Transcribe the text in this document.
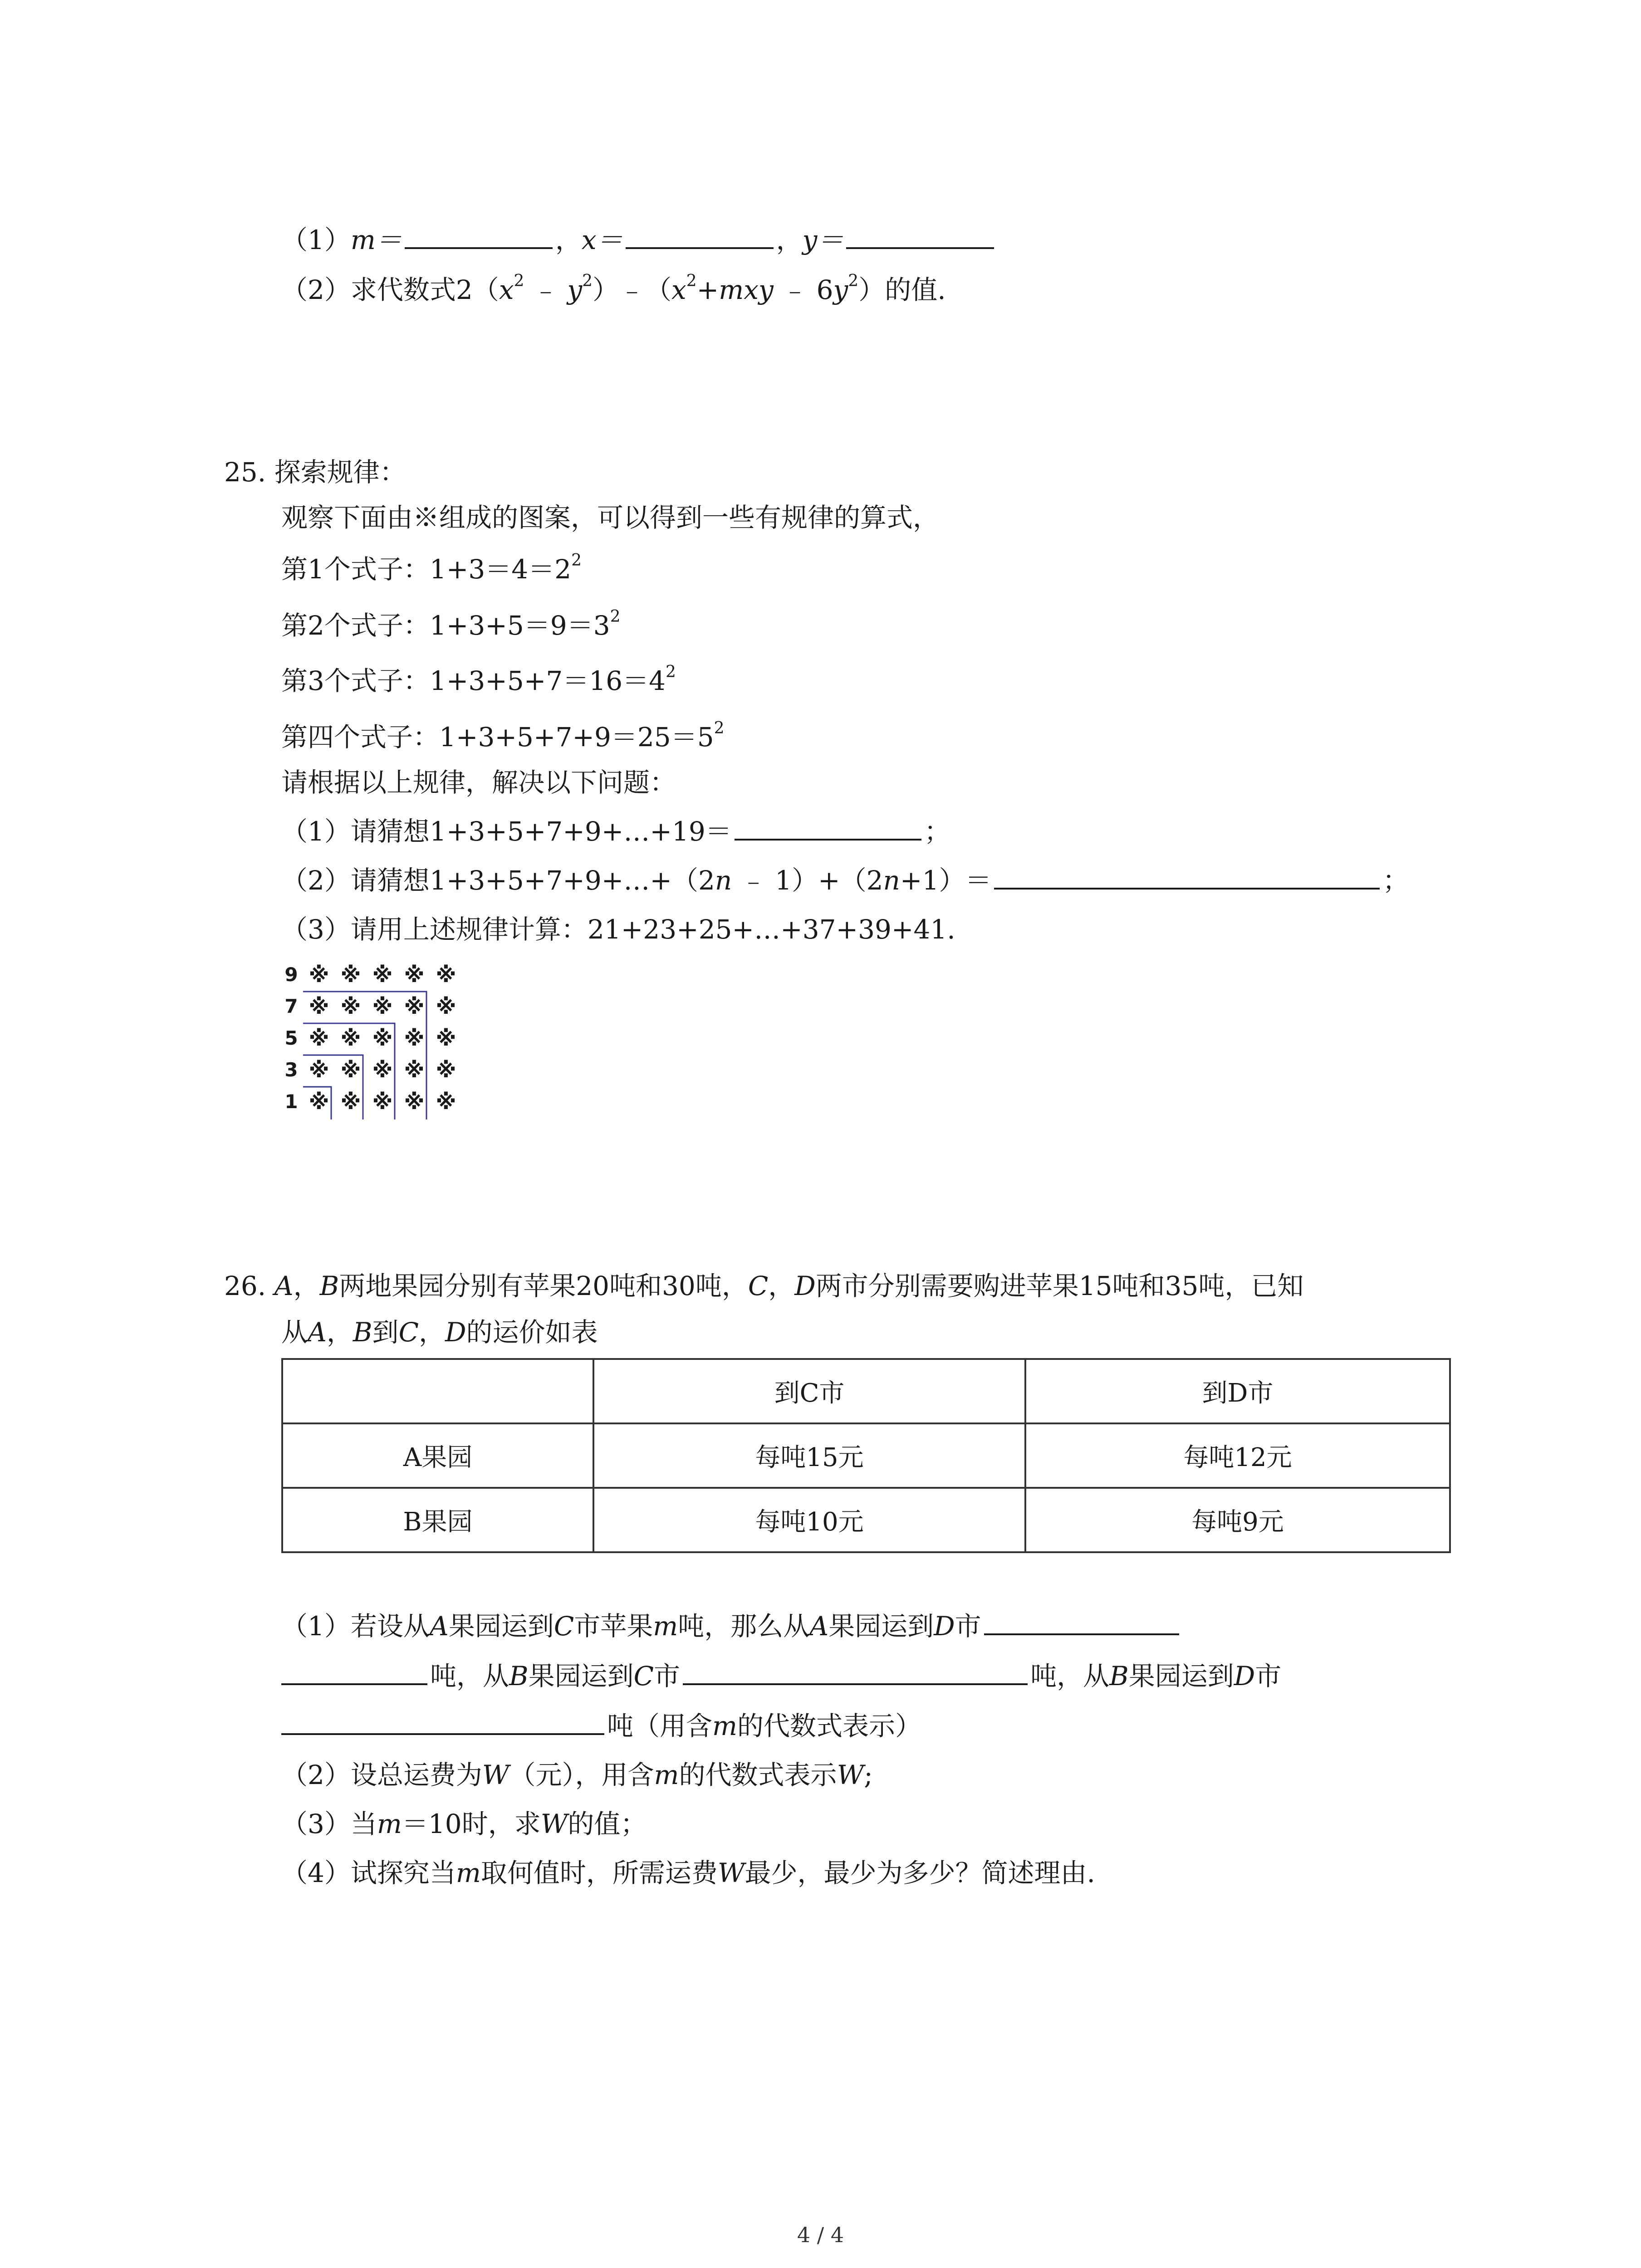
（1）m＝	，x＝	，y＝
（2）求代数式$2(x^2$ ﹣ $y^2)﹣(x^2+mxy$ ﹣ $6y^2$）的值.
25. 探索规律：
观察下面由※组成的图案，可以得到一些有规律的算式，
第1个式子：$1+3=4=2^2$
第2个式子：$1+3+5=9=3^2$
第3个式子：$1+3+5+7=16=4^2$
第四个式子：$1+3+5+7+9=25=5^2$
请根据以上规律，解决以下问题：
（1）请猜想1+3+5+7+9+…+19＝	；
（2）请猜想1+3+5+7+9+…+（2n ﹣ 1）+（2n+1）＝	；
（3）请用上述规律计算：21+23+25+…+37+39+41.
9 ※ ※ ※ ※ ※
7 ※ ※ ※ ※ ※
5 ※ ※ ※ ※ ※
3 ※ ※ ※ ※ ※
1 ※ ※ ※ ※ ※
26. A，B两地果园分别有苹果20吨和30吨，C，D两市分别需要购进苹果15吨和35吨，已知
从A，B到C，D的运价如表
	到C市	到D市
A果园	每吨15元	每吨12元
B果园	每吨10元	每吨9元
（1）若设从A果园运到C市苹果m吨，那么从A果园运到D市
吨，从B果园运到C市	吨，从B果园运到D市
吨（用含m的代数式表示）
（2）设总运费为W（元），用含m的代数式表示W;
（3）当m＝10时，求W的值；
（4）试探究当m取何值时，所需运费W最少，最少为多少？简述理由.
4 / 4
